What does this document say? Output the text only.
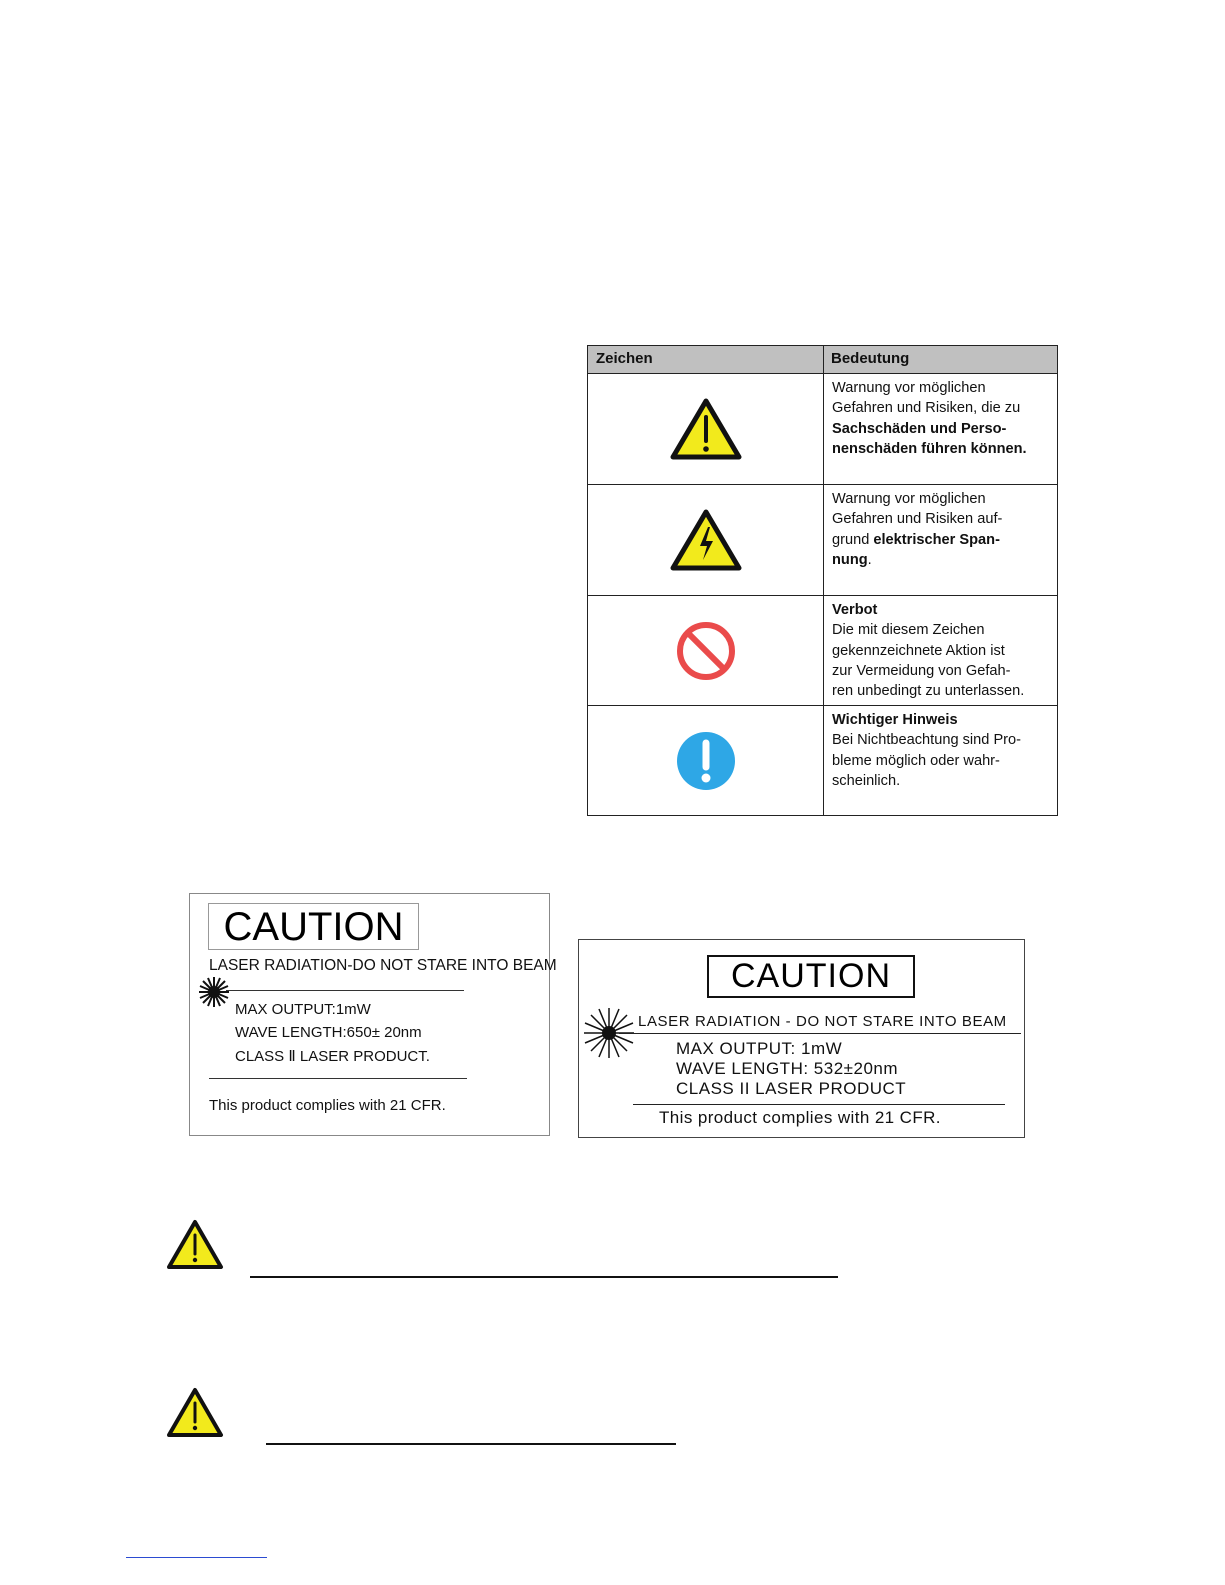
Zeichen	Bedeutung
Warnung vor möglichen
Gefahren und Risiken, die zu
Sachschäden und Perso-
nenschäden führen können.
Warnung vor möglichen
Gefahren und Risiken auf-
grund elektrischer Span-
nung.
Verbot
Die mit diesem Zeichen
gekennzeichnete Aktion ist
zur Vermeidung von Gefah-
ren unbedingt zu unterlassen.
Wichtiger Hinweis
Bei Nichtbeachtung sind Pro-
bleme möglich oder wahr-
scheinlich.
CAUTION
LASER RADIATION-DO NOT STARE INTO BEAM
MAX OUTPUT:1mW
WAVE LENGTH:650± 20nm
CLASS Ⅱ LASER PRODUCT.
This product complies with 21 CFR.
CAUTION
LASER RADIATION - DO NOT STARE INTO BEAM
MAX OUTPUT: 1mW
WAVE LENGTH: 532±20nm
CLASS II LASER PRODUCT
This product complies with 21 CFR.
